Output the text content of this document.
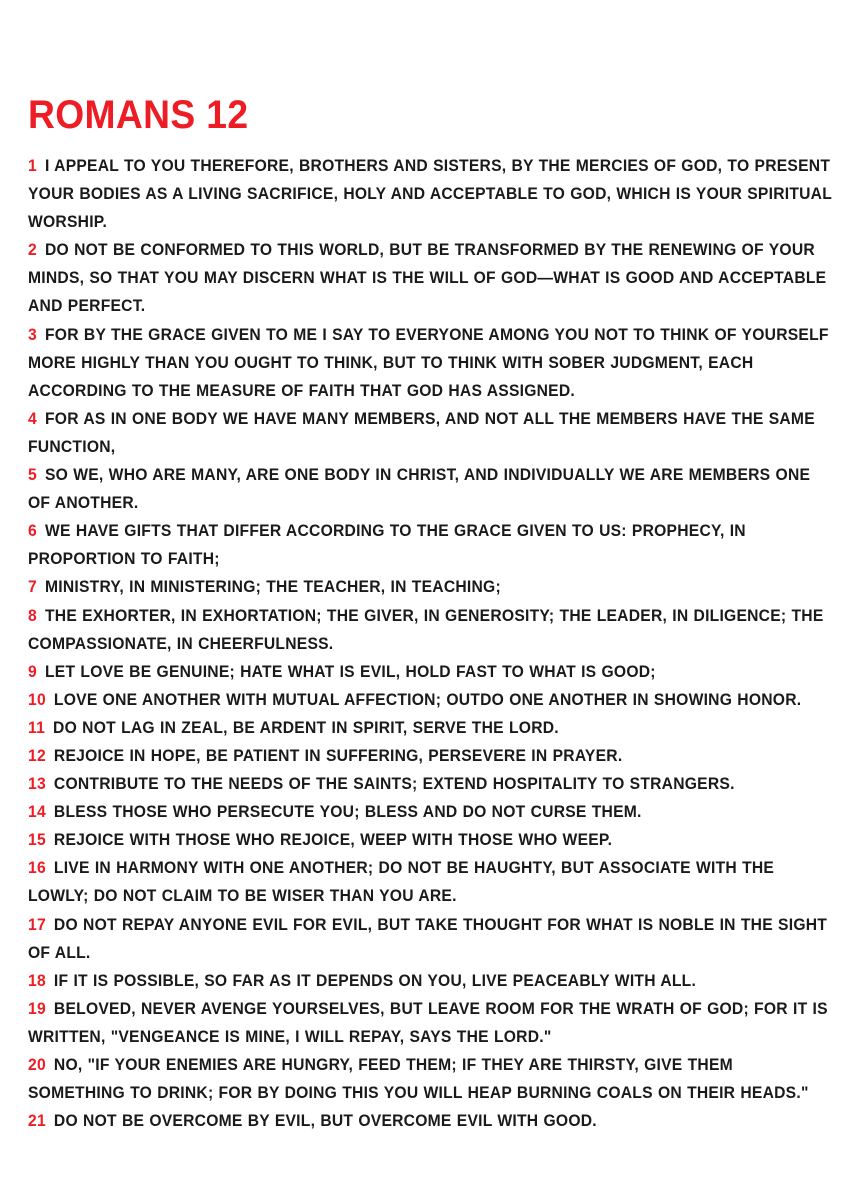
ROMANS 12

1 I APPEAL TO YOU THEREFORE, BROTHERS AND SISTERS, BY THE MERCIES OF GOD, TO PRESENT YOUR BODIES AS A LIVING SACRIFICE, HOLY AND ACCEPTABLE TO GOD, WHICH IS YOUR SPIRITUAL WORSHIP.

2 DO NOT BE CONFORMED TO THIS WORLD, BUT BE TRANSFORMED BY THE RENEWING OF YOUR MINDS, SO THAT YOU MAY DISCERN WHAT IS THE WILL OF GOD—WHAT IS GOOD AND ACCEPTABLE AND PERFECT.

3 FOR BY THE GRACE GIVEN TO ME I SAY TO EVERYONE AMONG YOU NOT TO THINK OF YOURSELF MORE HIGHLY THAN YOU OUGHT TO THINK, BUT TO THINK WITH SOBER JUDGMENT, EACH ACCORDING TO THE MEASURE OF FAITH THAT GOD HAS ASSIGNED.

4 FOR AS IN ONE BODY WE HAVE MANY MEMBERS, AND NOT ALL THE MEMBERS HAVE THE SAME FUNCTION,

5 SO WE, WHO ARE MANY, ARE ONE BODY IN CHRIST, AND INDIVIDUALLY WE ARE MEMBERS ONE OF ANOTHER.

6 WE HAVE GIFTS THAT DIFFER ACCORDING TO THE GRACE GIVEN TO US: PROPHECY, IN PROPORTION TO FAITH;

7 MINISTRY, IN MINISTERING; THE TEACHER, IN TEACHING;

8 THE EXHORTER, IN EXHORTATION; THE GIVER, IN GENEROSITY; THE LEADER, IN DILIGENCE; THE COMPASSIONATE, IN CHEERFULNESS.

9 LET LOVE BE GENUINE; HATE WHAT IS EVIL, HOLD FAST TO WHAT IS GOOD;

10 LOVE ONE ANOTHER WITH MUTUAL AFFECTION; OUTDO ONE ANOTHER IN SHOWING HONOR.

11 DO NOT LAG IN ZEAL, BE ARDENT IN SPIRIT, SERVE THE LORD.

12 REJOICE IN HOPE, BE PATIENT IN SUFFERING, PERSEVERE IN PRAYER.

13 CONTRIBUTE TO THE NEEDS OF THE SAINTS; EXTEND HOSPITALITY TO STRANGERS.

14 BLESS THOSE WHO PERSECUTE YOU; BLESS AND DO NOT CURSE THEM.

15 REJOICE WITH THOSE WHO REJOICE, WEEP WITH THOSE WHO WEEP.

16 LIVE IN HARMONY WITH ONE ANOTHER; DO NOT BE HAUGHTY, BUT ASSOCIATE WITH THE LOWLY; DO NOT CLAIM TO BE WISER THAN YOU ARE.

17 DO NOT REPAY ANYONE EVIL FOR EVIL, BUT TAKE THOUGHT FOR WHAT IS NOBLE IN THE SIGHT OF ALL.

18 IF IT IS POSSIBLE, SO FAR AS IT DEPENDS ON YOU, LIVE PEACEABLY WITH ALL.

19 BELOVED, NEVER AVENGE YOURSELVES, BUT LEAVE ROOM FOR THE WRATH OF GOD; FOR IT IS WRITTEN, "VENGEANCE IS MINE, I WILL REPAY, SAYS THE LORD."

20 NO, "IF YOUR ENEMIES ARE HUNGRY, FEED THEM; IF THEY ARE THIRSTY, GIVE THEM SOMETHING TO DRINK; FOR BY DOING THIS YOU WILL HEAP BURNING COALS ON THEIR HEADS."

21 DO NOT BE OVERCOME BY EVIL, BUT OVERCOME EVIL WITH GOOD.
